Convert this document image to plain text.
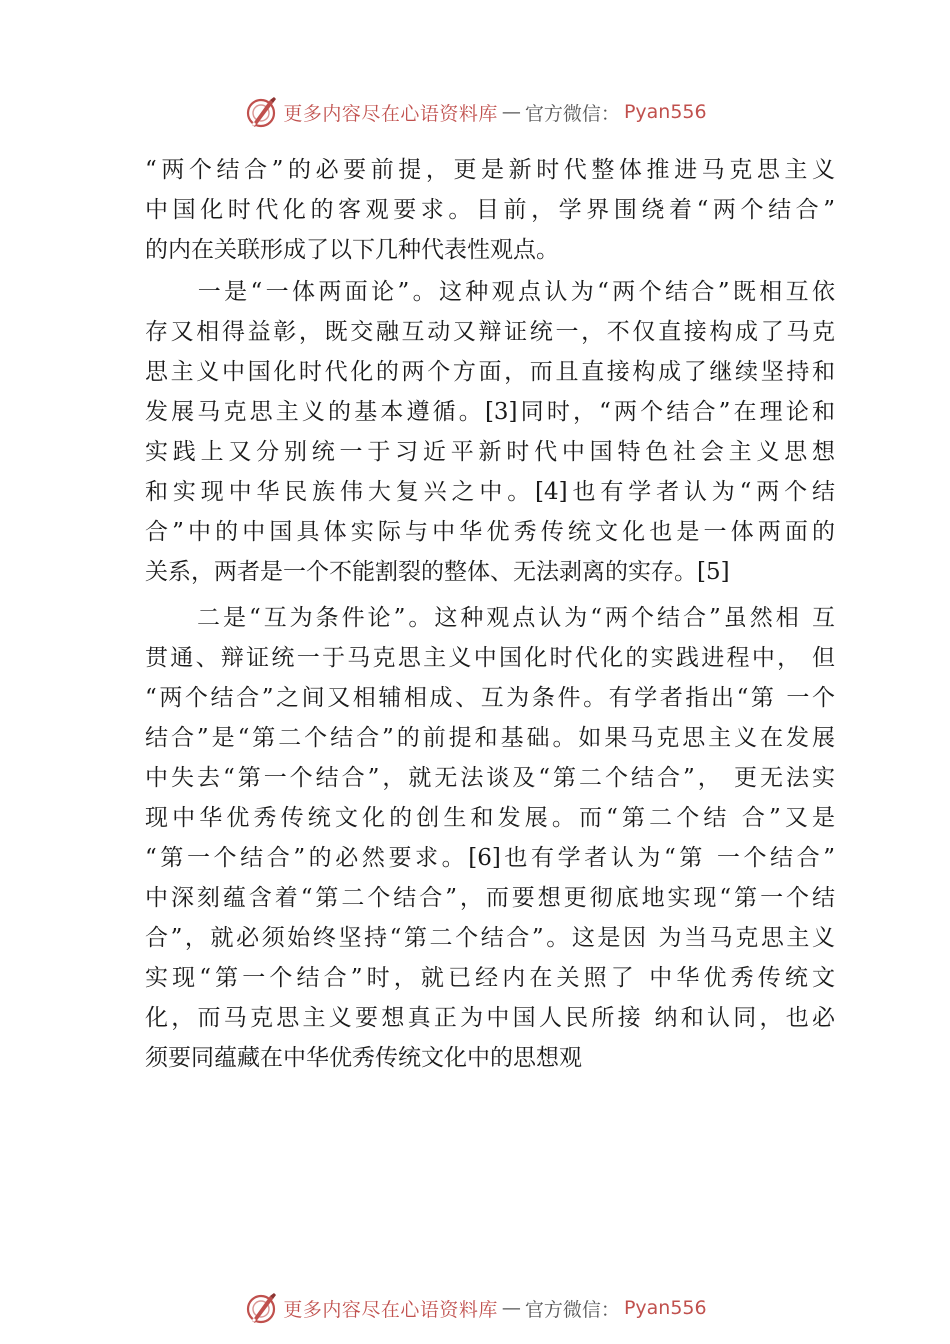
更多内容尽在心语资料库 — 官方微信： Pyan556
“两个结合”的必要前提，更是新时代整体推进马克思主义
中国化时代化的客观要求。目前，学界围绕着“两个结合”
的内在关联形成了以下几种代表性观点。
　　一是“一体两面论”。这种观点认为“两个结合”既相互依
存又相得益彰，既交融互动又辩证统一，不仅直接构成了马克
思主义中国化时代化的两个方面，而且直接构成了继续坚持和
发展马克思主义的基本遵循。[3]同时，“两个结合”在理论和
实践上又分别统一于习近平新时代中国特色社会主义思想
和实现中华民族伟大复兴之中。[4]也有学者认为“两个结
合”中的中国具体实际与中华优秀传统文化也是一体两面的
关系，两者是一个不能割裂的整体、无法剥离的实存。[5]
　　二是“互为条件论”。这种观点认为“两个结合”虽然相 互
贯通、辩证统一于马克思主义中国化时代化的实践进程中， 但
“两个结合”之间又相辅相成、互为条件。有学者指出“第 一个
结合”是“第二个结合”的前提和基础。如果马克思主义在发展
中失去“第一个结合”，就无法谈及“第二个结合”， 更无法实
现中华优秀传统文化的创生和发展。而“第二个结 合”又是
“第一个结合”的必然要求。[6]也有学者认为“第 一个结合”
中深刻蕴含着“第二个结合”，而要想更彻底地实现“第一个结
合”，就必须始终坚持“第二个结合”。这是因 为当马克思主义
实现“第一个结合”时，就已经内在关照了 中华优秀传统文
化，而马克思主义要想真正为中国人民所接 纳和认同，也必
须要同蕴藏在中华优秀传统文化中的思想观
更多内容尽在心语资料库 — 官方微信： Pyan556
